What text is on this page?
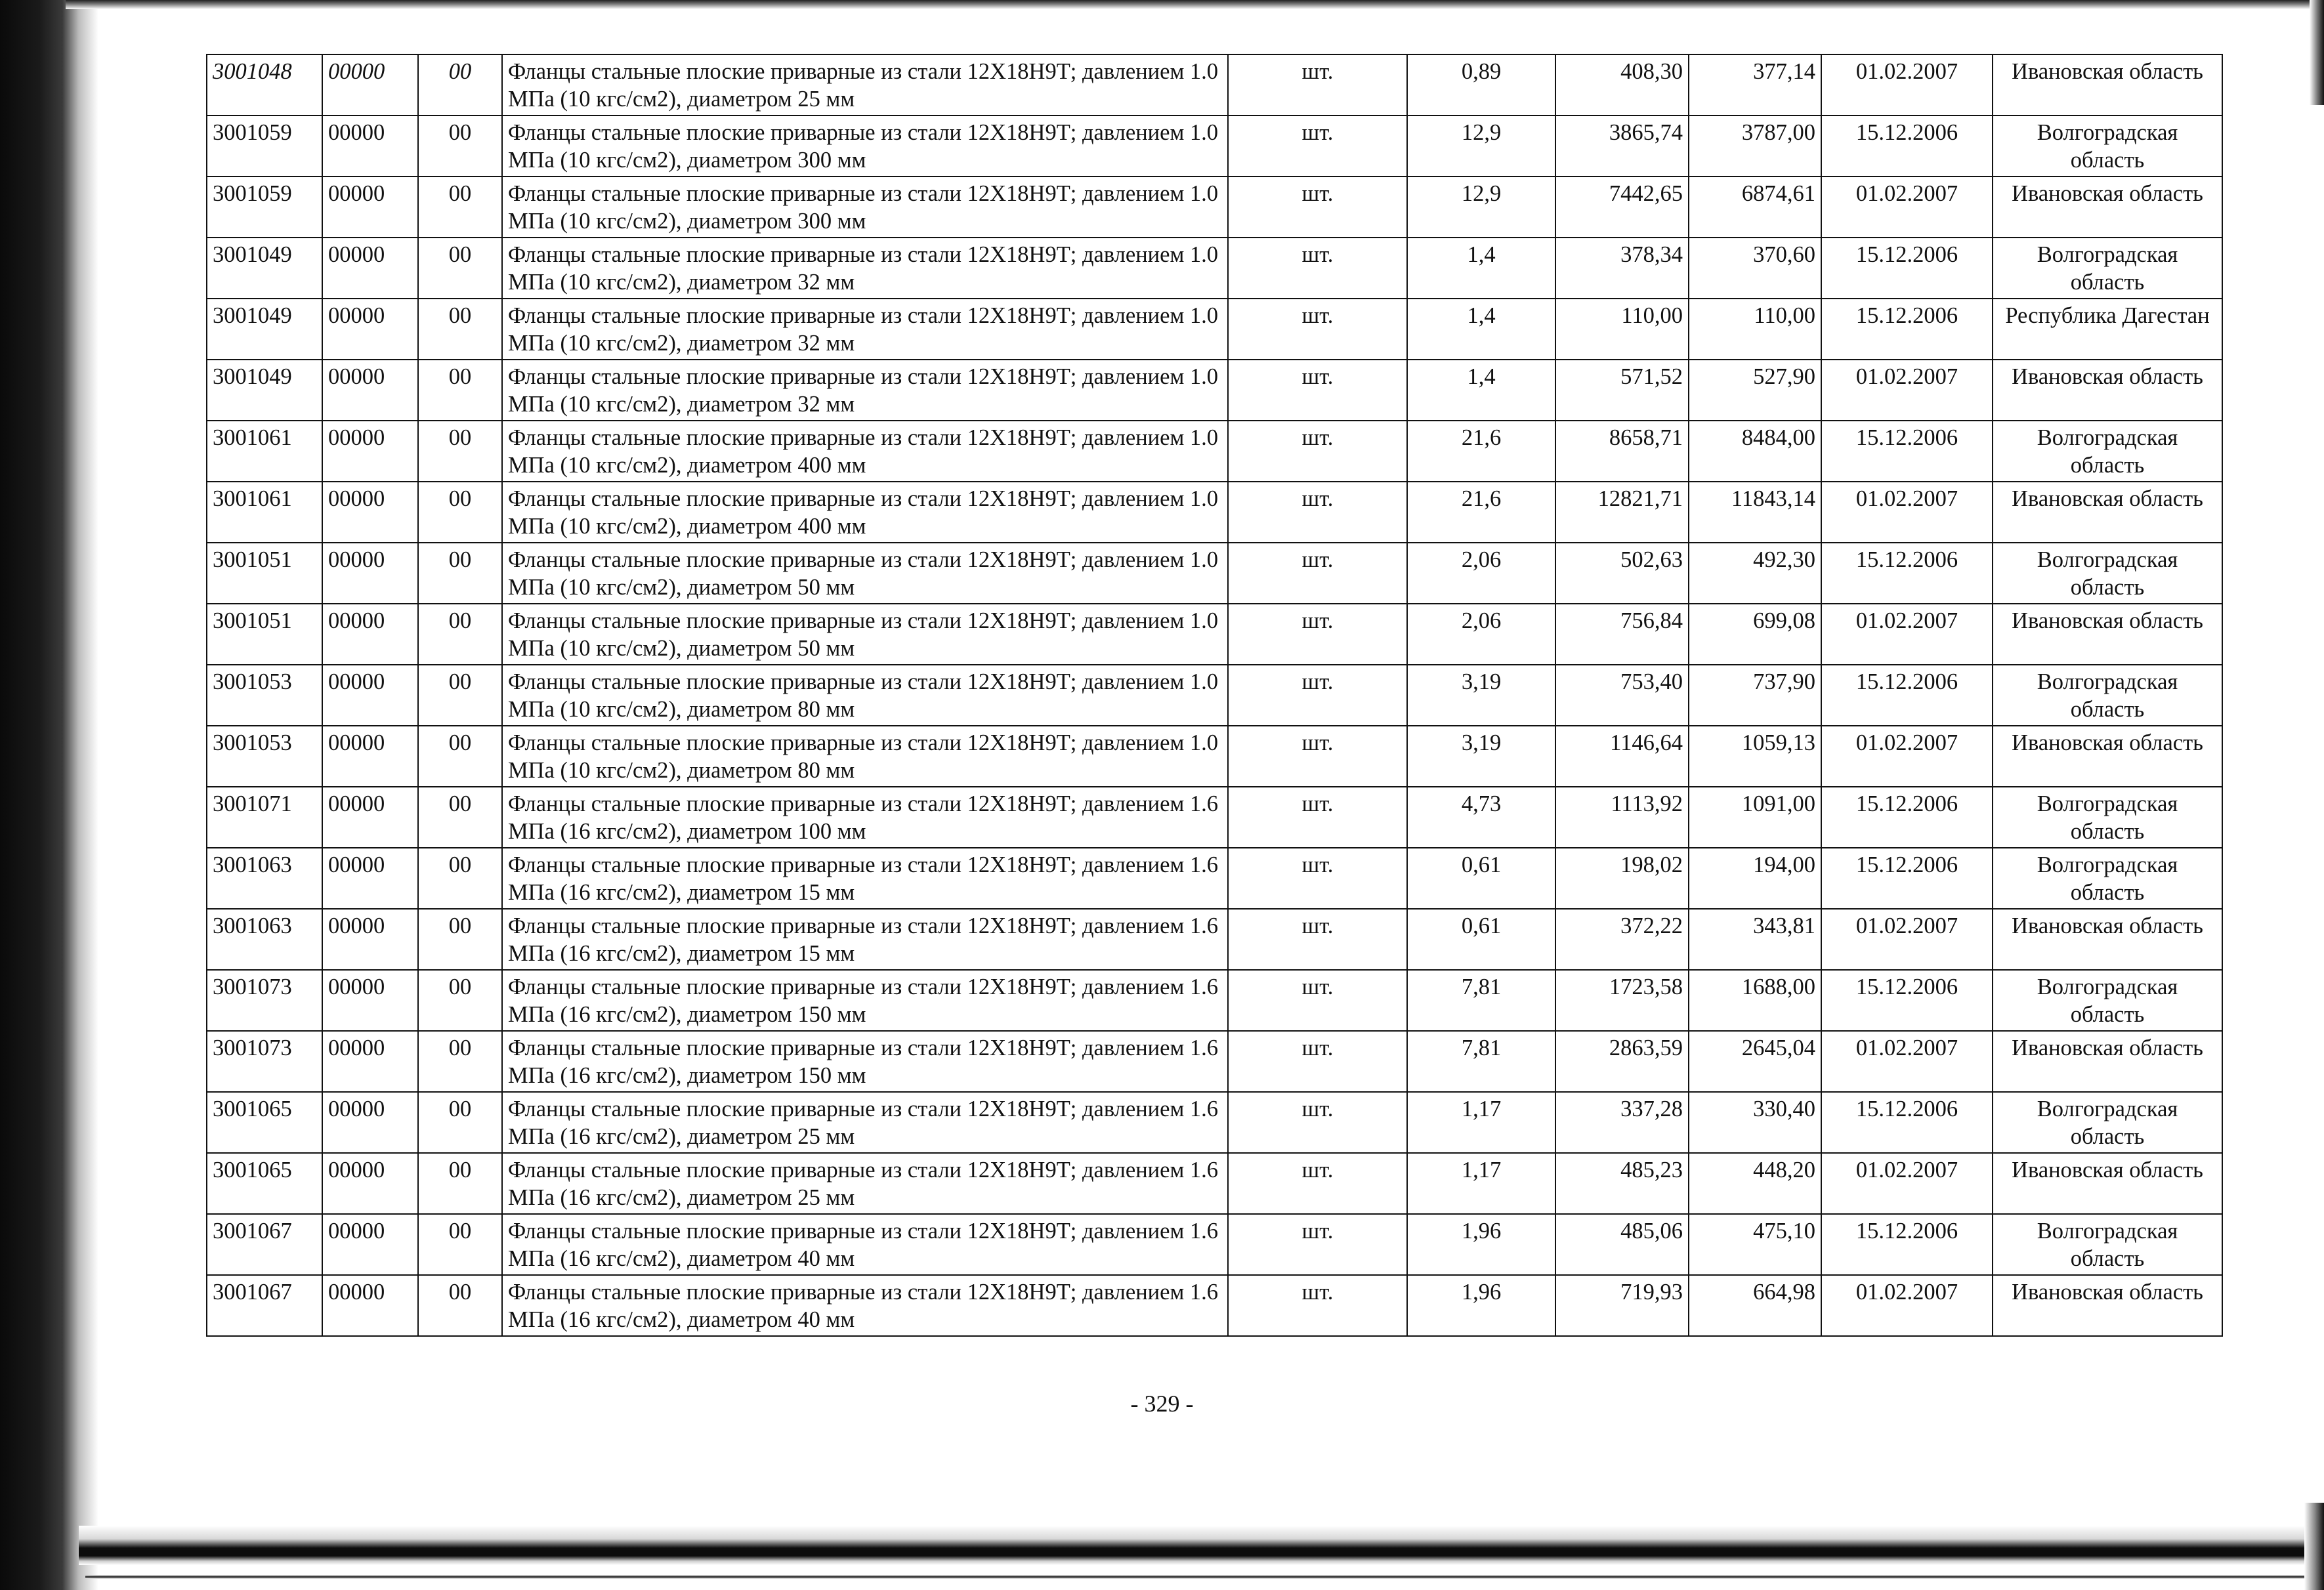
3001048	00000	00	Фланцы стальные плоские приварные из стали 12Х18Н9Т; давлением 1.0 МПа (10 кгс/см2), диаметром 25 мм	шт.	0,89	408,30	377,14	01.02.2007	Ивановская область
3001059	00000	00	Фланцы стальные плоские приварные из стали 12Х18Н9Т; давлением 1.0 МПа (10 кгс/см2), диаметром 300 мм	шт.	12,9	3865,74	3787,00	15.12.2006	Волгоградская область
3001059	00000	00	Фланцы стальные плоские приварные из стали 12Х18Н9Т; давлением 1.0 МПа (10 кгс/см2), диаметром 300 мм	шт.	12,9	7442,65	6874,61	01.02.2007	Ивановская область
3001049	00000	00	Фланцы стальные плоские приварные из стали 12Х18Н9Т; давлением 1.0 МПа (10 кгс/см2), диаметром 32 мм	шт.	1,4	378,34	370,60	15.12.2006	Волгоградская область
3001049	00000	00	Фланцы стальные плоские приварные из стали 12Х18Н9Т; давлением 1.0 МПа (10 кгс/см2), диаметром 32 мм	шт.	1,4	110,00	110,00	15.12.2006	Республика Дагестан
3001049	00000	00	Фланцы стальные плоские приварные из стали 12Х18Н9Т; давлением 1.0 МПа (10 кгс/см2), диаметром 32 мм	шт.	1,4	571,52	527,90	01.02.2007	Ивановская область
3001061	00000	00	Фланцы стальные плоские приварные из стали 12Х18Н9Т; давлением 1.0 МПа (10 кгс/см2), диаметром 400 мм	шт.	21,6	8658,71	8484,00	15.12.2006	Волгоградская область
3001061	00000	00	Фланцы стальные плоские приварные из стали 12Х18Н9Т; давлением 1.0 МПа (10 кгс/см2), диаметром 400 мм	шт.	21,6	12821,71	11843,14	01.02.2007	Ивановская область
3001051	00000	00	Фланцы стальные плоские приварные из стали 12Х18Н9Т; давлением 1.0 МПа (10 кгс/см2), диаметром 50 мм	шт.	2,06	502,63	492,30	15.12.2006	Волгоградская область
3001051	00000	00	Фланцы стальные плоские приварные из стали 12Х18Н9Т; давлением 1.0 МПа (10 кгс/см2), диаметром 50 мм	шт.	2,06	756,84	699,08	01.02.2007	Ивановская область
3001053	00000	00	Фланцы стальные плоские приварные из стали 12Х18Н9Т; давлением 1.0 МПа (10 кгс/см2), диаметром 80 мм	шт.	3,19	753,40	737,90	15.12.2006	Волгоградская область
3001053	00000	00	Фланцы стальные плоские приварные из стали 12Х18Н9Т; давлением 1.0 МПа (10 кгс/см2), диаметром 80 мм	шт.	3,19	1146,64	1059,13	01.02.2007	Ивановская область
3001071	00000	00	Фланцы стальные плоские приварные из стали 12Х18Н9Т; давлением 1.6 МПа (16 кгс/см2), диаметром 100 мм	шт.	4,73	1113,92	1091,00	15.12.2006	Волгоградская область
3001063	00000	00	Фланцы стальные плоские приварные из стали 12Х18Н9Т; давлением 1.6 МПа (16 кгс/см2), диаметром 15 мм	шт.	0,61	198,02	194,00	15.12.2006	Волгоградская область
3001063	00000	00	Фланцы стальные плоские приварные из стали 12Х18Н9Т; давлением 1.6 МПа (16 кгс/см2), диаметром 15 мм	шт.	0,61	372,22	343,81	01.02.2007	Ивановская область
3001073	00000	00	Фланцы стальные плоские приварные из стали 12Х18Н9Т; давлением 1.6 МПа (16 кгс/см2), диаметром 150 мм	шт.	7,81	1723,58	1688,00	15.12.2006	Волгоградская область
3001073	00000	00	Фланцы стальные плоские приварные из стали 12Х18Н9Т; давлением 1.6 МПа (16 кгс/см2), диаметром 150 мм	шт.	7,81	2863,59	2645,04	01.02.2007	Ивановская область
3001065	00000	00	Фланцы стальные плоские приварные из стали 12Х18Н9Т; давлением 1.6 МПа (16 кгс/см2), диаметром 25 мм	шт.	1,17	337,28	330,40	15.12.2006	Волгоградская область
3001065	00000	00	Фланцы стальные плоские приварные из стали 12Х18Н9Т; давлением 1.6 МПа (16 кгс/см2), диаметром 25 мм	шт.	1,17	485,23	448,20	01.02.2007	Ивановская область
3001067	00000	00	Фланцы стальные плоские приварные из стали 12Х18Н9Т; давлением 1.6 МПа (16 кгс/см2), диаметром 40 мм	шт.	1,96	485,06	475,10	15.12.2006	Волгоградская область
3001067	00000	00	Фланцы стальные плоские приварные из стали 12Х18Н9Т; давлением 1.6 МПа (16 кгс/см2), диаметром 40 мм	шт.	1,96	719,93	664,98	01.02.2007	Ивановская область
- 329 -
